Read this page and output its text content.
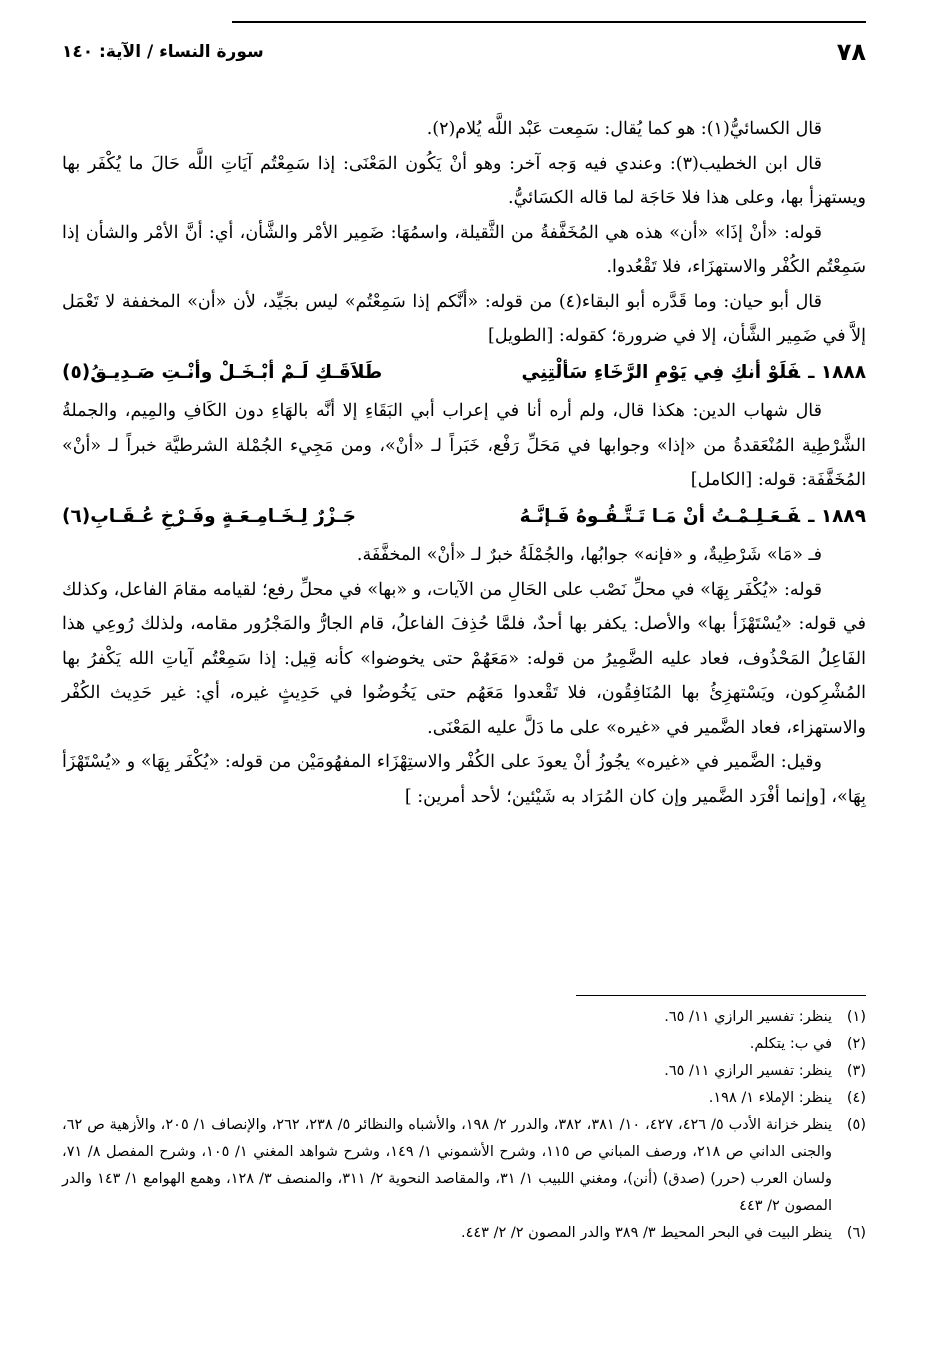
٧٨
سورة النساء / الآية: ١٤٠

قال الكسائيُّ(١): هو كما يُقال: سَمِعت عَبْد اللَّه يُلام(٢).

قال ابن الخطيب(٣): وعندي فيه وَجه آخر: وهو أنْ يَكُون المَعْنَى: إذا سَمِعْتُم آيَاتِ اللَّه حَالَ ما يُكْفَر بها ويستهزأ بها، وعلى هذا فلا حَاجَة لما قاله الكسَائيُّ.

قوله: «أنْ إذَا» «أن» هذه هي المُخَفَّفةُ من الثَّقيلة، واسمُهَا: ضَمِير الأمْر والشَّأن، أي: أنَّ الأمْر والشأن إذا سَمِعْتُم الكُفْر والاستهزَاء، فلا تَقْعُدوا.

قال أبو حيان: وما قَدَّره أبو البقاء(٤) من قوله: «أنَّكم إذا سَمِعْتُم» ليس بجَيِّد، لأن «أن» المخففة لا تَعْمَل إلاَّ في ضَمِير الشَّأن، إلا في ضرورة؛ كقوله: [الطويل]

١٨٨٨ ـفَلَوْ أنكِ فِي يَوْمِ الرَّخَاءِ سَألْتِنِي
طَلاَقَـكِ لَـمْ أبْـخَـلْ وأنْـتِ صَـدِيـقُ(٥)

قال شهاب الدين: هكذا قال، ولم أره أنا في إعراب أبي البَقَاءِ إلا أنَّه بالهَاءِ دون الكَافِ والمِيم، والجملةُ الشَّرْطِية المُنْعَقدةُ من «إذا» وجوابها في مَحَلِّ رَفْع، خَبَراً لـ «أنْ»، ومن مَجِيء الجُمْلة الشرطيَّة خبراً لـ «أنْ» المُخَفَّفَة: قوله: [الكامل]

١٨٨٩ ـفَـعَـلِـمْـتُ أنْ مَـا تَـتَّـقُـوهُ فَـإنَّـهُ
جَـزْرٌ لِـخَـامِـعَـةٍ وفَـرْخِ عُـقَـابِ(٦)

فـ «مَا» شَرْطِيةٌ، و «فإنه» جوابُها، والجُمْلَةُ خبرٌ لـ «أنْ» المخفَّفَة.

قوله: «يُكْفَر بِهَا» في محلِّ نَصْب على الحَالِ من الآيات، و «بها» في محلِّ رفع؛ لقيامه مقامَ الفاعل، وكذلك في قوله: «يُسْتَهْزَأ بها» والأصل: يكفر بها أحدٌ، فلمَّا حُذِفَ الفاعلُ، قام الجارُّ والمَجْرُور مقامه، ولذلك رُوعِي هذا الفَاعِلُ المَحْذُوف، فعاد عليه الضَّمِيرُ من قوله: «مَعَهُمْ حتى يخوضوا» كأنه قِيل: إذا سَمِعْتُم آياتِ الله يَكْفرُ بها المُشْرِكون، ويَسْتهزِئُ بها المُنَافِقُون، فلا تَقْعدوا مَعَهُم حتى يَخُوضُوا في حَدِيثٍ غيره، أي: غير حَدِيث الكُفْر والاستهزاء، فعاد الضَّمير في «غيره» على ما دَلَّ عليه المَعْنَى.

وقيل: الضَّمير في «غيره» يجُوزُ أنْ يعودَ على الكُفْر والاستِهْزَاء المفهُومَيْن من قوله: «يُكْفَر بِهَا» و «يُسْتَهْزَأ بِهَا»، [وإنما أفْرَد الضَّمير وإن كان المُرَاد به شَيْئين؛ لأحد أمرين: ]

(١)
ينظر: تفسير الرازي ١١/ ٦٥.

(٢)
في ب: يتكلم.

(٣)
ينظر: تفسير الرازي ١١/ ٦٥.

(٤)
ينظر: الإملاء ١/ ١٩٨.

(٥)
ينظر خزانة الأدب ٥/ ٤٢٦، ٤٢٧، ١٠/ ٣٨١، ٣٨٢، والدرر ٢/ ١٩٨، والأشباه والنظائر ٥/ ٢٣٨، ٢٦٢، والإنصاف ١/ ٢٠٥، والأزهية ص ٦٢، والجنى الداني ص ٢١٨، ورصف المباني ص ١١٥، وشرح الأشموني ١/ ١٤٩، وشرح شواهد المغني ١/ ١٠٥، وشرح المفصل ٨/ ٧١، ولسان العرب (حرر) (صدق) (أنن)، ومغني اللبيب ١/ ٣١، والمقاصد النحوية ٢/ ٣١١، والمنصف ٣/ ١٢٨، وهمع الهوامع ١/ ١٤٣ والدر المصون ٢/ ٤٤٣

(٦)
ينظر البيت في البحر المحيط ٣/ ٣٨٩ والدر المصون ٢/ ٢/ ٤٤٣.
